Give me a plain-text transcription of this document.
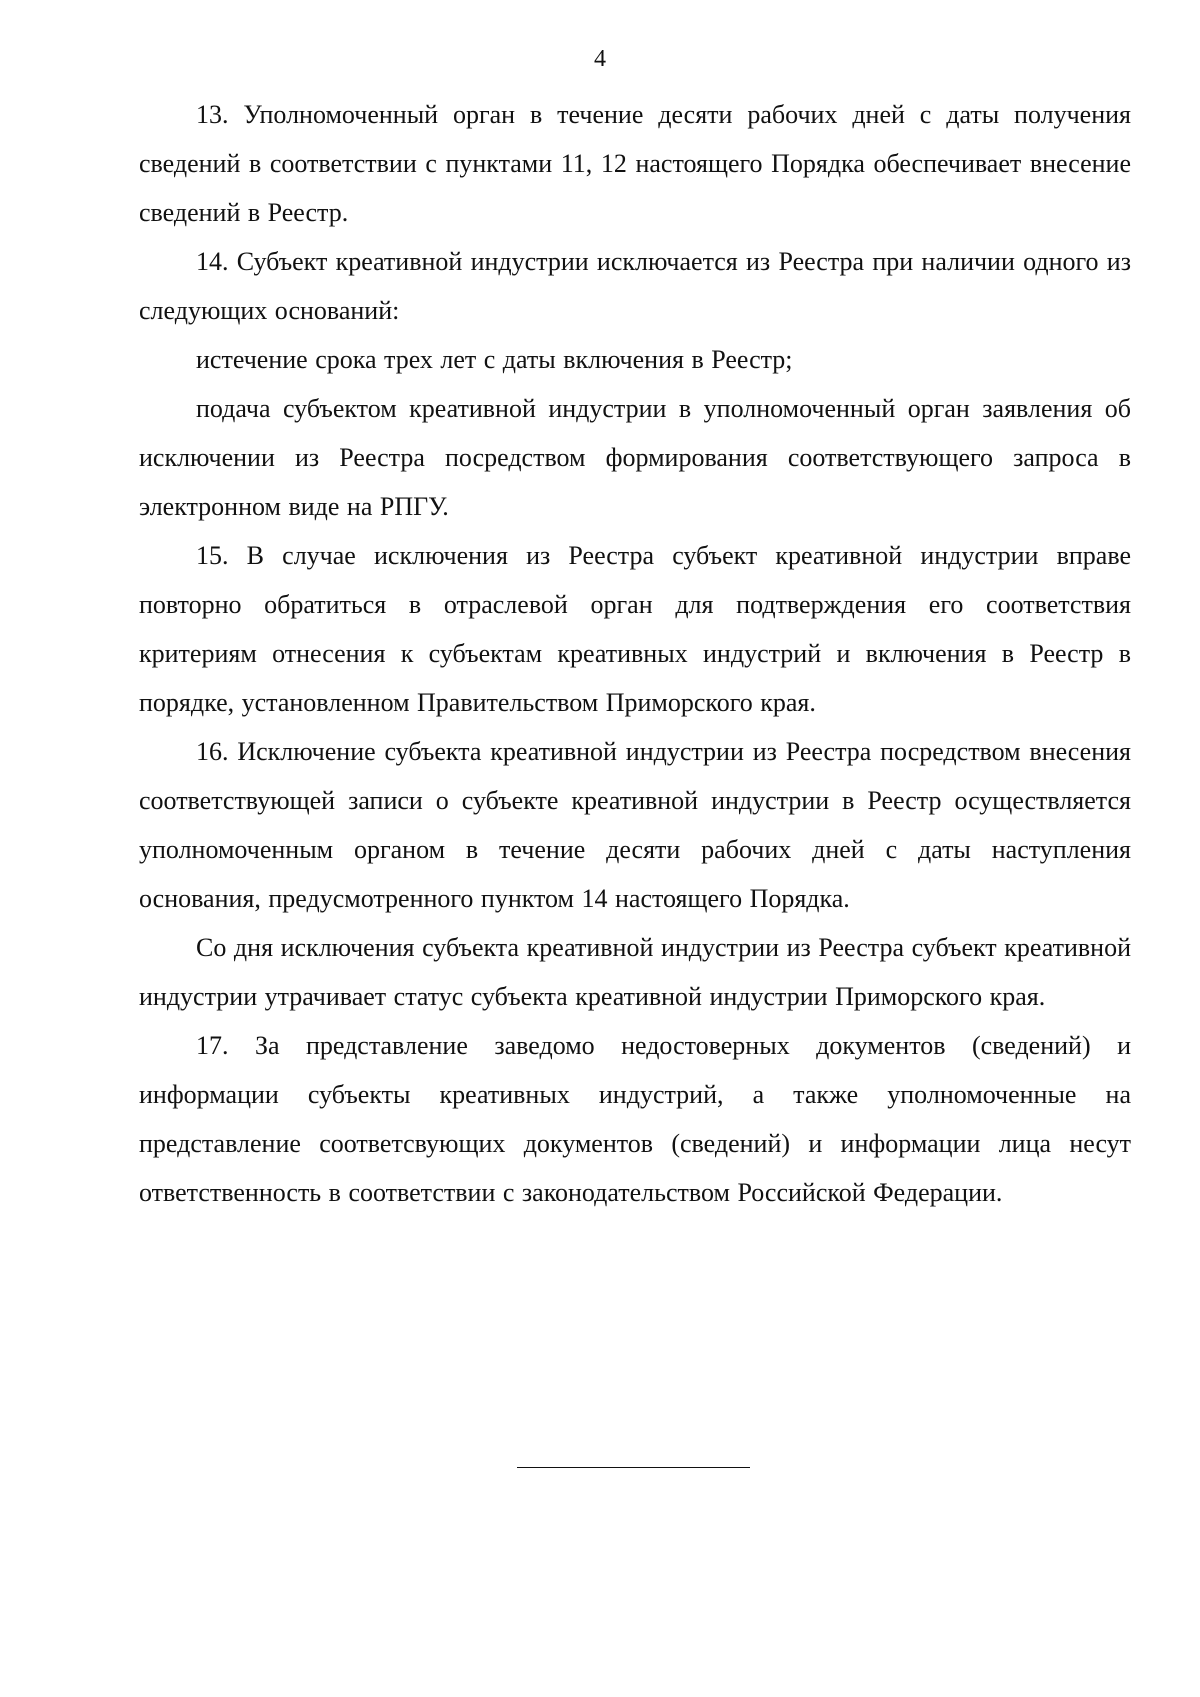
4

13. Уполномоченный орган в течение десяти рабочих дней с даты получения сведений в соответствии с пунктами 11, 12 настоящего Порядка обеспечивает внесение сведений в Реестр.

14. Субъект креативной индустрии исключается из Реестра при наличии одного из следующих оснований:

истечение срока трех лет с даты включения в Реестр;

подача субъектом креативной индустрии в уполномоченный орган заявления об исключении из Реестра посредством формирования соответствующего запроса в электронном виде на РПГУ.

15. В случае исключения из Реестра субъект креативной индустрии вправе повторно обратиться в отраслевой орган для подтверждения его соответствия критериям отнесения к субъектам креативных индустрий и включения в Реестр в порядке, установленном Правительством Приморского края.

16. Исключение субъекта креативной индустрии из Реестра посредством внесения соответствующей записи о субъекте креативной индустрии в Реестр осуществляется уполномоченным органом в течение десяти рабочих дней с даты наступления основания, предусмотренного пунктом 14 настоящего Порядка.

Со дня исключения субъекта креативной индустрии из Реестра субъект креативной индустрии утрачивает статус субъекта креативной индустрии Приморского края.

17. За представление заведомо недостоверных документов (сведений) и информации субъекты креативных индустрий, а также уполномоченные на представление соответсвующих документов (сведений) и информации лица несут ответственность в соответствии с законодательством Российской Федерации.
